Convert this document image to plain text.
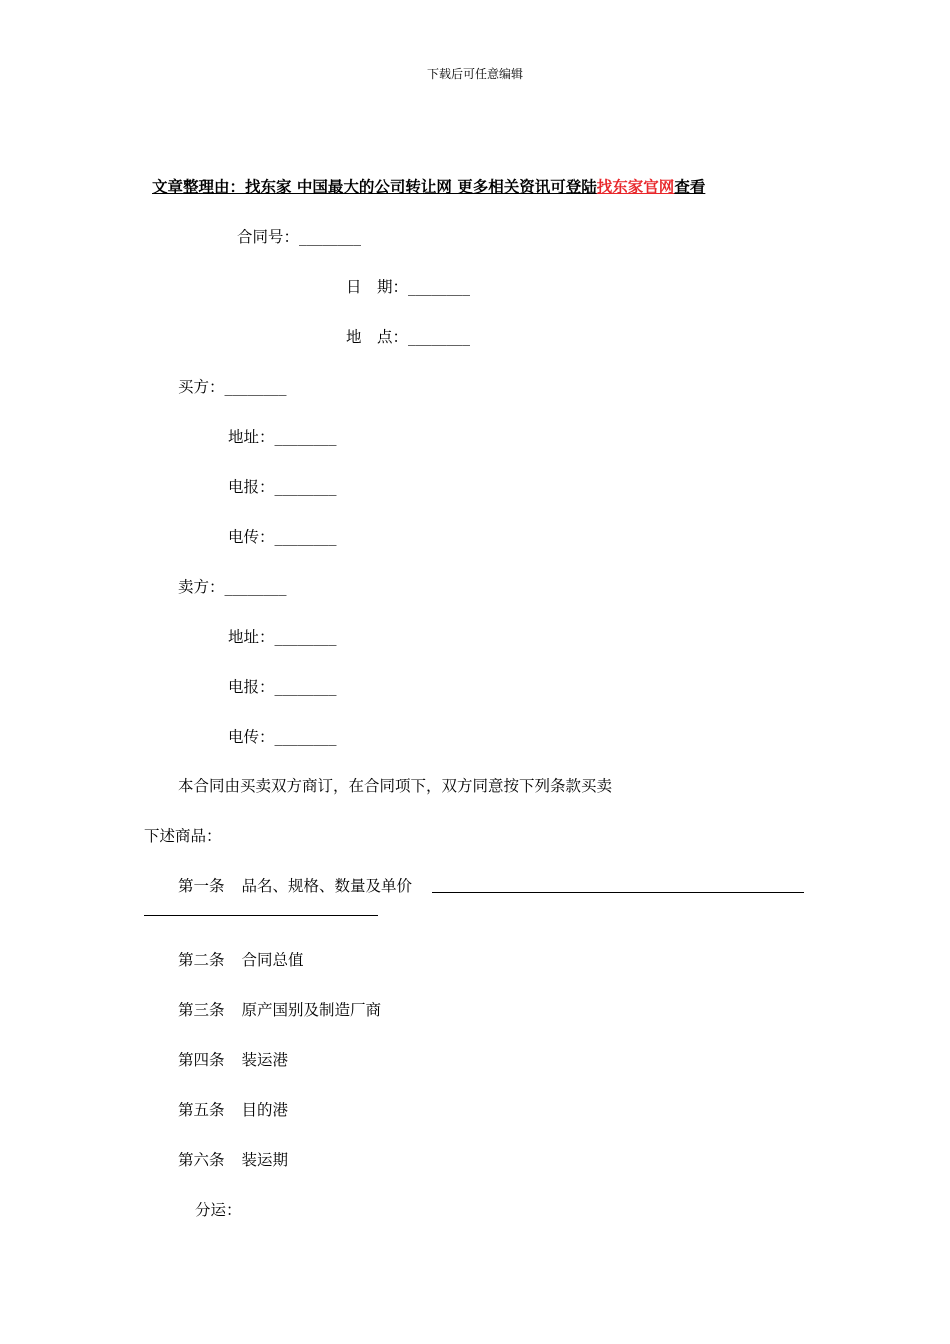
下载后可任意编辑
文章整理由：找东家 中国最大的公司转让网 更多相关资讯可登陆找东家官网查看
合同号：________
日　期：________
地　点：________
买方：________
地址：________
电报：________
电传：________
卖方：________
地址：________
电报：________
电传：________
本合同由买卖双方商订，在合同项下，双方同意按下列条款买卖
下述商品：
第一条 品名、规格、数量及单价
第二条 合同总值
第三条 原产国别及制造厂商
第四条 装运港
第五条 目的港
第六条 装运期
分运：
